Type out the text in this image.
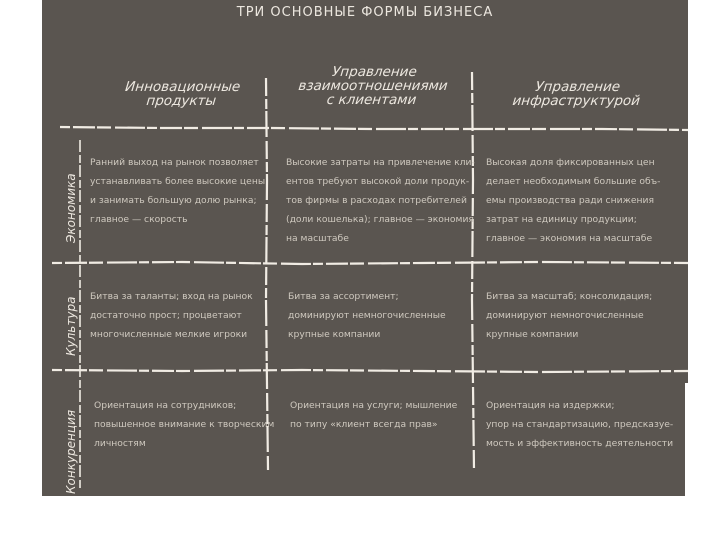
ТРИ ОСНОВНЫЕ ФОРМЫ БИЗНЕСА
Инновационные
продукты
Управление
взаимоотношениями
с клиентами
Управление
инфраструктурой
Экономика
Культура
Конкуренция
Ранний выход на рынок позволяет
устанавливать более высокие цены
и занимать большую долю рынка;
главное — скорость
Высокие затраты на привлечение кли-
ентов требуют высокой доли продук-
тов фирмы в расходах потребителей
(доли кошелька); главное — экономия
на масштабе
Высокая доля фиксированных цен
делает необходимым большие объ-
емы производства ради снижения
затрат на единицу продукции;
главное — экономия на масштабе
Битва за таланты; вход на рынок
достаточно прост; процветают
многочисленные мелкие игроки
Битва за ассортимент;
доминируют немногочисленные
крупные компании
Битва за масштаб; консолидация;
доминируют немногочисленные
крупные компании
Ориентация на сотрудников;
повышенное внимание к творческим
личностям
Ориентация на услуги; мышление
по типу «клиент всегда прав»
Ориентация на издержки;
упор на стандартизацию, предсказуе-
мость и эффективность деятельности
